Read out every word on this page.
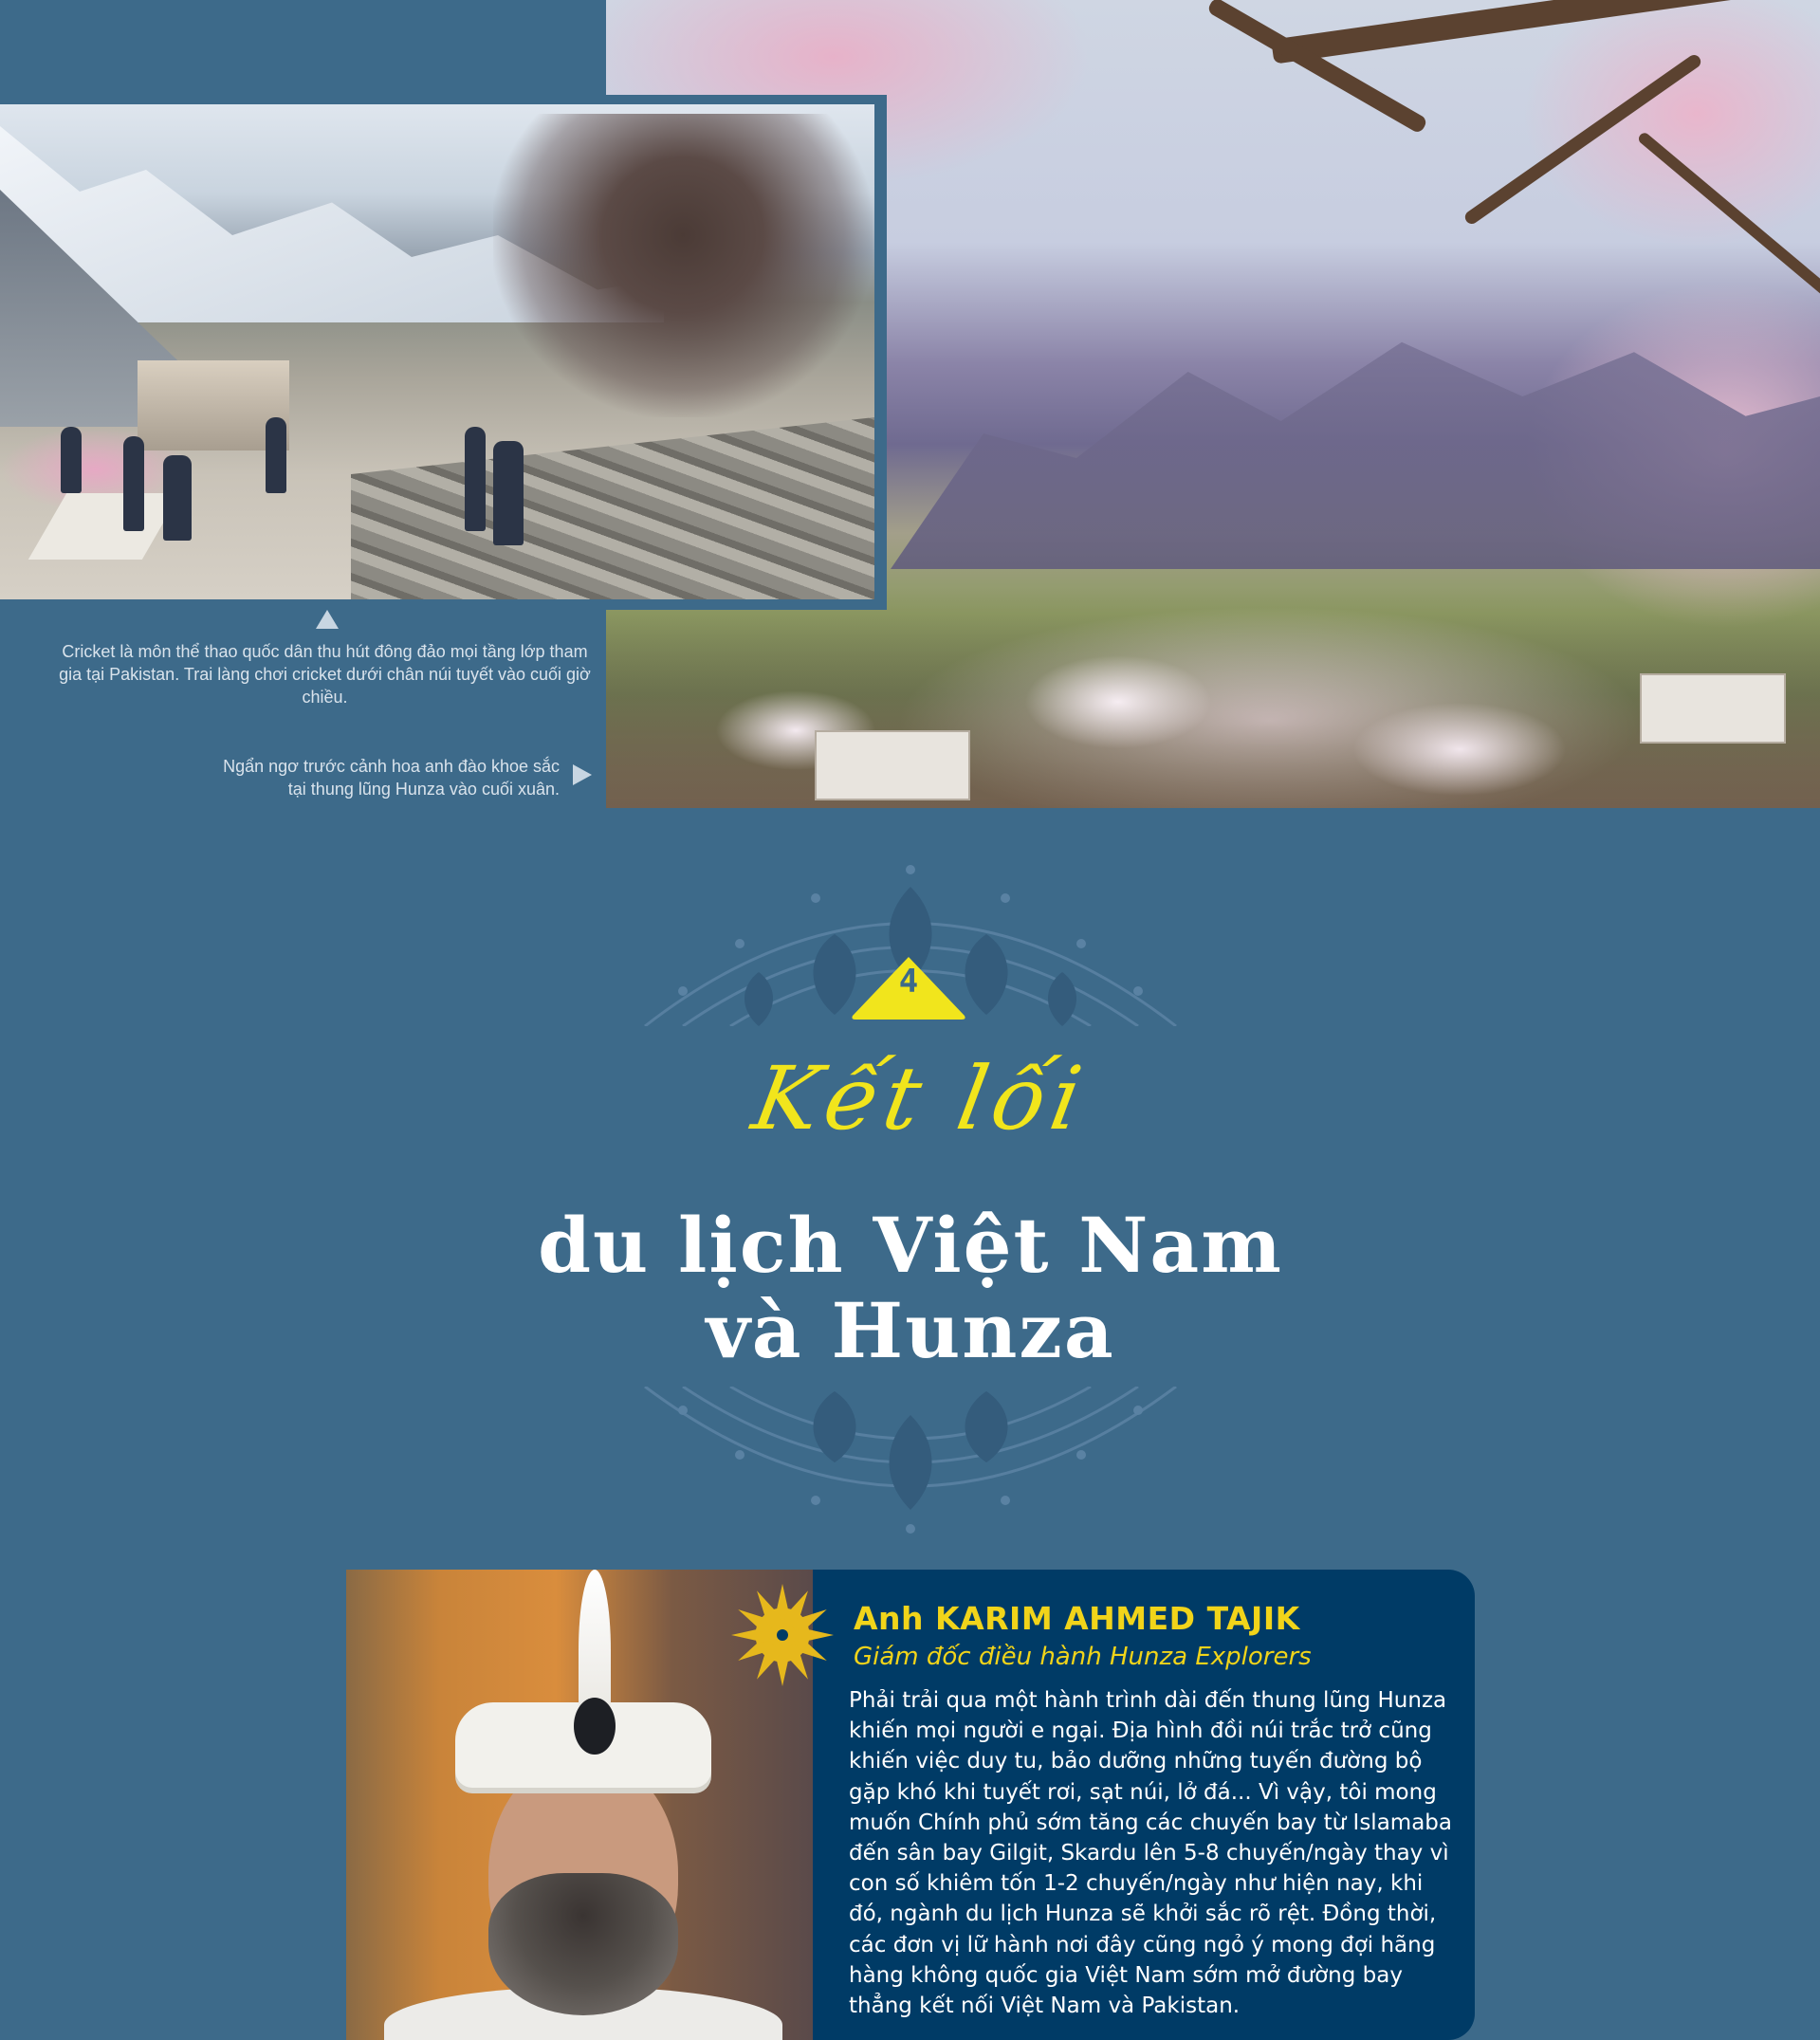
Cricket là môn thể thao quốc dân thu hút đông đảo mọi tầng lớp tham gia tại Pakistan. Trai làng chơi cricket dưới chân núi tuyết vào cuối giờ chiều.
Ngẩn ngơ trước cảnh hoa anh đào khoe sắc
tại thung lũng Hunza vào cuối xuân.
4
Kết lối
du lịch Việt Nam
và Hunza
Anh KARIM AHMED TAJIK
Giám đốc điều hành Hunza Explorers
Phải trải qua một hành trình dài đến thung lũng Hunza khiến mọi người e ngại. Địa hình đồi núi trắc trở cũng khiến việc duy tu, bảo dưỡng những tuyến đường bộ gặp khó khi tuyết rơi, sạt núi, lở đá... Vì vậy, tôi mong muốn Chính phủ sớm tăng các chuyến bay từ Islamaba đến sân bay Gilgit, Skardu lên 5-8 chuyến/ngày thay vì con số khiêm tốn 1-2 chuyến/ngày như hiện nay, khi đó, ngành du lịch Hunza sẽ khởi sắc rõ rệt. Đồng thời, các đơn vị lữ hành nơi đây cũng ngỏ ý mong đợi hãng hàng không quốc gia Việt Nam sớm mở đường bay thẳng kết nối Việt Nam và Pakistan.
